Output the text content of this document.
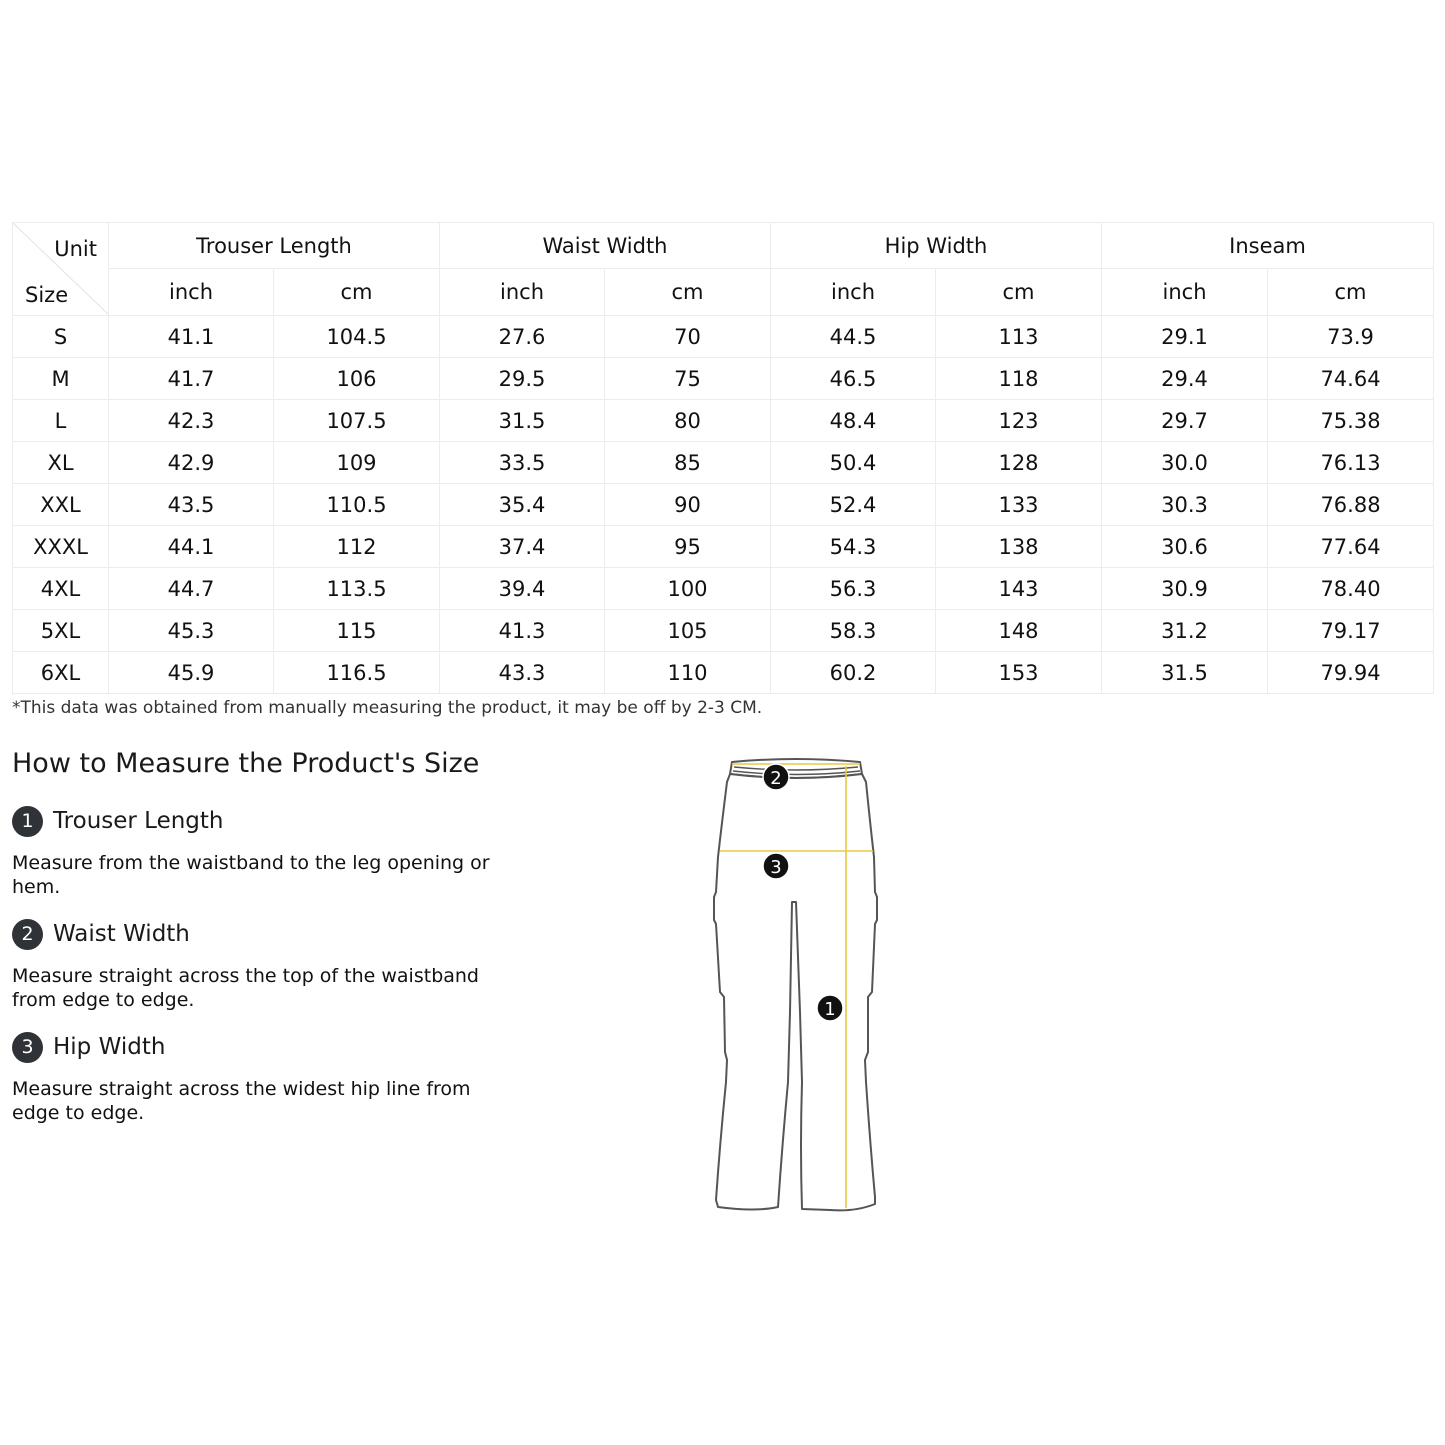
Unit
Size	Trouser Length		Waist Width		Hip Width		Inseam	
	inch	cm	inch	cm	inch	cm	inch	cm
S	41.1	104.5	27.6	70	44.5	113	29.1	73.9
M	41.7	106	29.5	75	46.5	118	29.4	74.64
L	42.3	107.5	31.5	80	48.4	123	29.7	75.38
XL	42.9	109	33.5	85	50.4	128	30.0	76.13
XXL	43.5	110.5	35.4	90	52.4	133	30.3	76.88
XXXL	44.1	112	37.4	95	54.3	138	30.6	77.64
4XL	44.7	113.5	39.4	100	56.3	143	30.9	78.40
5XL	45.3	115	41.3	105	58.3	148	31.2	79.17
6XL	45.9	116.5	43.3	110	60.2	153	31.5	79.94
*This data was obtained from manually measuring the product, it may be off by 2-3 CM.
How to Measure the Product's Size
1 Trouser Length
Measure from the waistband to the leg opening or hem.
2 Waist Width
Measure straight across the top of the waistband from edge to edge.
3 Hip Width
Measure straight across the widest hip line from edge to edge.
2
3
1
